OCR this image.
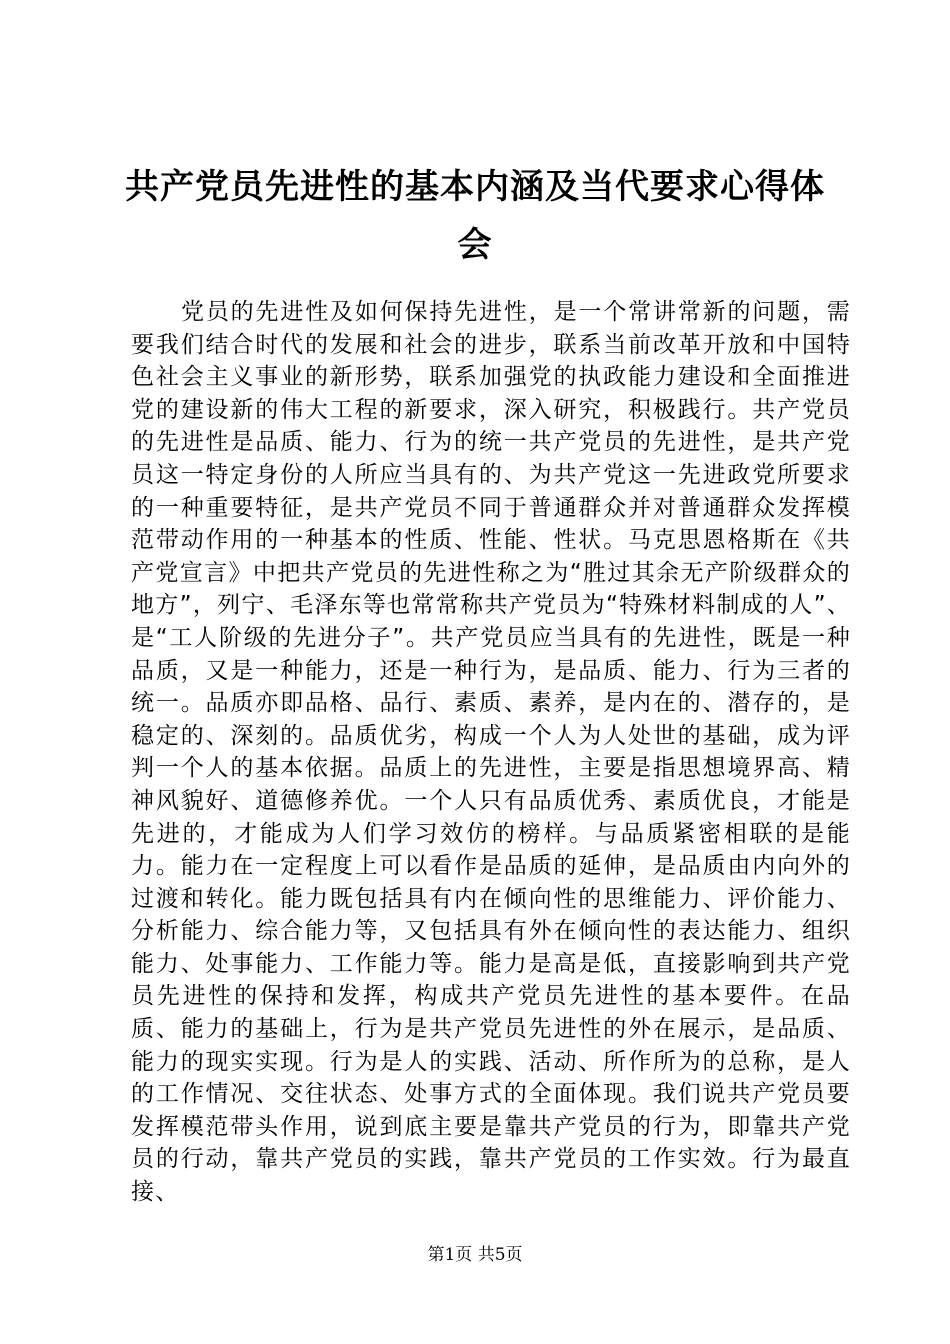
共产党员先进性的基本内涵及当代要求心得体会

党员的先进性及如何保持先进性，是一个常讲常新的问题，需要我们结合时代的发展和社会的进步，联系当前改革开放和中国特色社会主义事业的新形势，联系加强党的执政能力建设和全面推进党的建设新的伟大工程的新要求，深入研究，积极践行。共产党员的先进性是品质、能力、行为的统一共产党员的先进性，是共产党员这一特定身份的人所应当具有的、为共产党这一先进政党所要求的一种重要特征，是共产党员不同于普通群众并对普通群众发挥模范带动作用的一种基本的性质、性能、性状。马克思恩格斯在《共产党宣言》中把共产党员的先进性称之为“胜过其余无产阶级群众的地方”，列宁、毛泽东等也常常称共产党员为“特殊材料制成的人”、是“工人阶级的先进分子”。共产党员应当具有的先进性，既是一种品质，又是一种能力，还是一种行为，是品质、能力、行为三者的统一。品质亦即品格、品行、素质、素养，是内在的、潜存的，是稳定的、深刻的。品质优劣，构成一个人为人处世的基础，成为评判一个人的基本依据。品质上的先进性，主要是指思想境界高、精神风貌好、道德修养优。一个人只有品质优秀、素质优良，才能是先进的，才能成为人们学习效仿的榜样。与品质紧密相联的是能力。能力在一定程度上可以看作是品质的延伸，是品质由内向外的过渡和转化。能力既包括具有内在倾向性的思维能力、评价能力、分析能力、综合能力等，又包括具有外在倾向性的表达能力、组织能力、处事能力、工作能力等。能力是高是低，直接影响到共产党员先进性的保持和发挥，构成共产党员先进性的基本要件。在品质、能力的基础上，行为是共产党员先进性的外在展示，是品质、能力的现实实现。行为是人的实践、活动、所作所为的总称，是人的工作情况、交往状态、处事方式的全面体现。我们说共产党员要发挥模范带头作用，说到底主要是靠共产党员的行为，即靠共产党员的行动，靠共产党员的实践，靠共产党员的工作实效。行为最直接、

第1页 共5页
